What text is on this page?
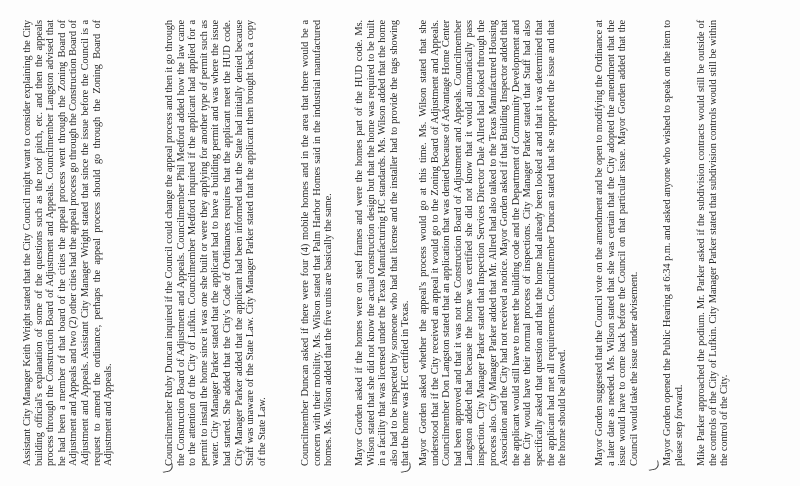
Assistant City Manager Keith Wright stated that the City Council might want to consider explaining the City building official's explanation of some of the questions such as the roof pitch, etc. and then the appeals process through the Construction Board of Adjustment and Appeals. Councilmember Langston advised that he had been a member of that board of the cities the appeal process went through the Zoning Board of Adjustment and Appeals and two (2) other cities had the appeal process go through the Construction Board of Adjustment and Appeals. Assistant City Manager Wright stated that since the issue before the Council is a request to amend the ordinance, perhaps the appeal process should go through the Zoning Board of Adjustment and Appeals.	Councilmember Ruby Duncan inquired if the Council could change the appeal process and then it go through the Construction Board of Adjustment and Appeals. Councilmember Phil Medford added how the law came to the attention of the City of Lufkin. Councilmember Medford inquired if the applicant had applied for a permit to install the home since it was one she built or were they applying for another type of permit such as water. City Manager Parker stated that the applicant had to have a building permit and was where the issue had started. She added that the City's Code of Ordinances requires that the applicant meet the HUD code. City Manager Parker added that the applicant had been informed that the State had initially denied because Staff was unaware of the State Law. City Manager Parker stated that the applicant then brought back a copy of the State Law.	Councilmember Duncan asked if there were four (4) mobile homes and in the area that there would be a concern with their mobility. Ms. Wilson stated that Palm Harbor Homes said in the industrial manufactured homes. Ms. Wilson added that the five units are basically the same.	Mayor Gorden asked if the homes were on steel frames and were the homes part of the HUD code. Ms. Wilson stated that she did not know the actual construction design but that the home was required to be built in a facility that was licensed under the Texas Manufacturing HC standards. Ms. Wilson added that the home also had to be inspected by someone who had that license and the installer had to provide the tags showing that the home was HC certified in Texas. Mayor Gorden asked whether the appeal's process would go at this time. Ms. Wilson stated that she understood that if the City received an appeal it would go to the Zoning Board of Adjustment and Appeals. Councilmember Don Langston stated that an application that was denied because of Advantage Home Center had been approved and that it was not the Construction Board of Adjustment and Appeals. Councilmember Langston added that because the home was certified she did not know that it would automatically pass inspection. City Manager Parker stated that Inspection Services Director Dale Allred had looked through the process also. City Manager Parker added that Mr. Allred had also talked to the Texas Manufactured Housing Association and the City had not received a notice. Mayor Gorden asked if that Building Inspector added that the applicant would still have to meet the building code and the Department of Community Development and the City would have their normal process of inspections. City Manager Parker stated that Staff had also specifically asked that question and that the home had already been looked at and that it was determined that the applicant had met all requirements. Councilmember Duncan stated that she supported the issue and that the home should be allowed.	Mayor Gorden suggested that the Council vote on the amendment and be open to modifying the Ordinance at a later date as needed. Ms. Wilson stated that she was certain that the City adopted the amendment that the issue would have to come back before the Council on that particular issue. Mayor Gorden added that the Council would take the issue under advisement.	Mayor Gorden opened the Public Hearing at 6:34 p.m. and asked anyone who wished to speak on the item to please step forward. Mike Parker approached the podium. Mr. Parker asked if the subdivision contracts would still be outside of the controls of the City of Lufkin. City Manager Parker stated that subdivision controls would still be within the control of the City.
